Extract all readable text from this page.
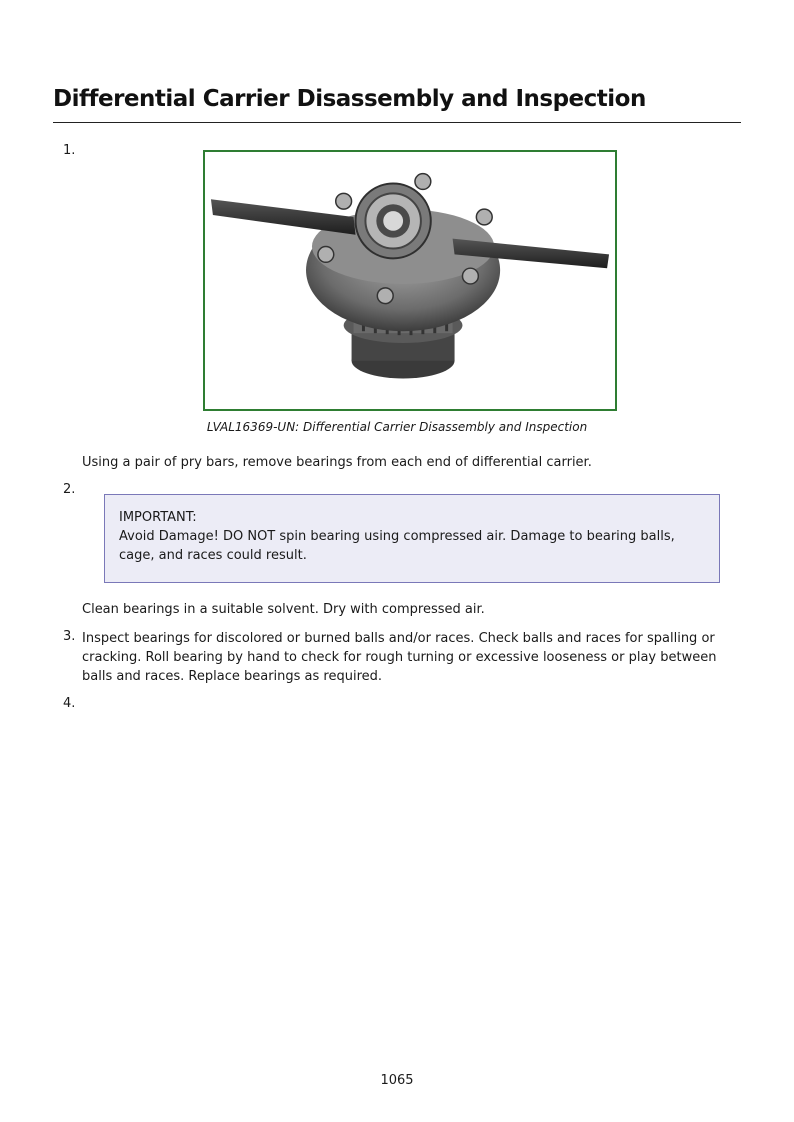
Differential Carrier Disassembly and Inspection
1.
LVAL16369-UN: Differential Carrier Disassembly and Inspection
Using a pair of pry bars, remove bearings from each end of differential carrier.
2.
IMPORTANT:
Avoid Damage! DO NOT spin bearing using compressed air. Damage to bearing balls, cage, and races could result.
Clean bearings in a suitable solvent. Dry with compressed air.
3. Inspect bearings for discolored or burned balls and/or races. Check balls and races for spalling or cracking. Roll bearing by hand to check for rough turning or excessive looseness or play between balls and races. Replace bearings as required.
4.
1065
